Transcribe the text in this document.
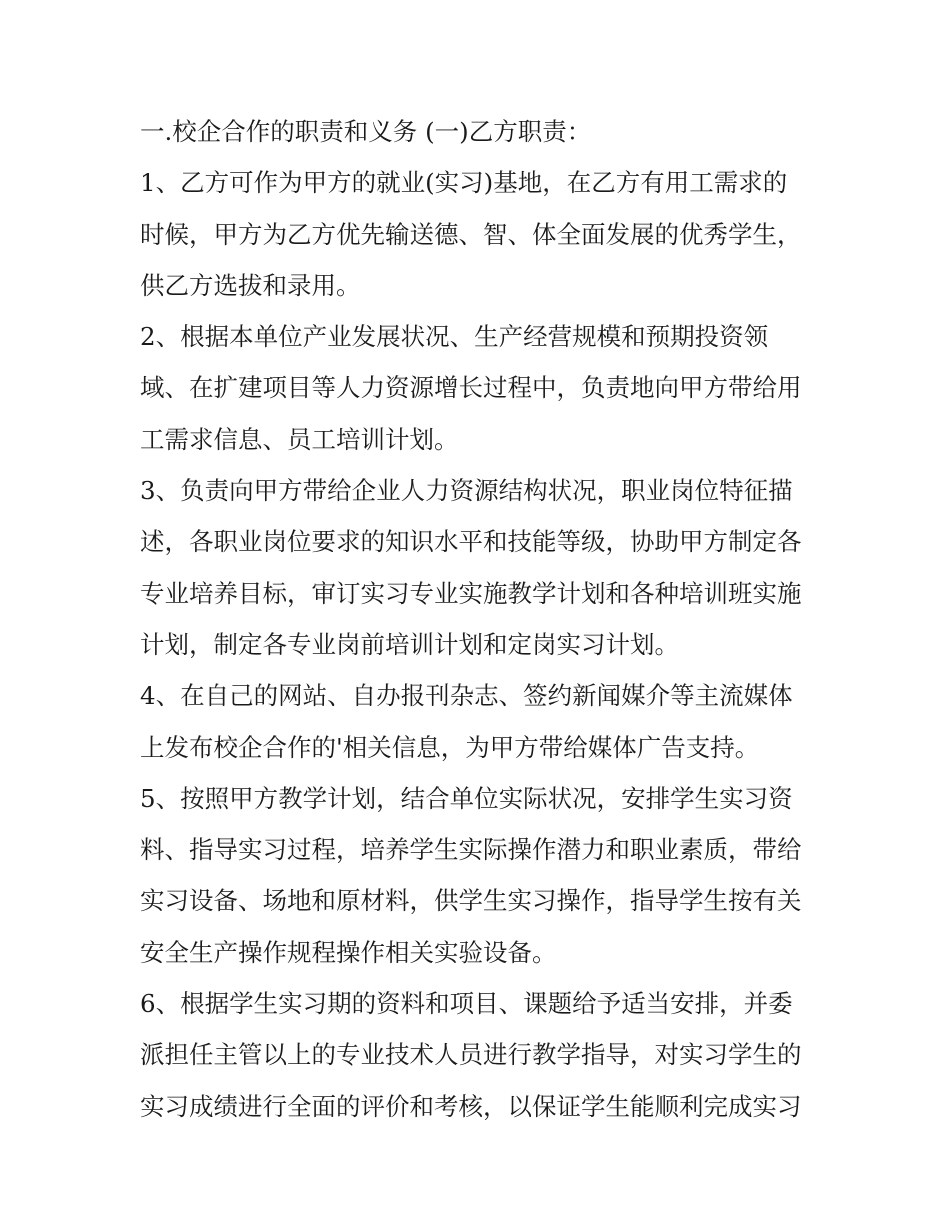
一.校企合作的职责和义务 (一)乙方职责：
1、乙方可作为甲方的就业(实习)基地，在乙方有用工需求的
时候，甲方为乙方优先输送德、智、体全面发展的优秀学生，
供乙方选拔和录用。
2、根据本单位产业发展状况、生产经营规模和预期投资领
域、在扩建项目等人力资源增长过程中，负责地向甲方带给用
工需求信息、员工培训计划。
3、负责向甲方带给企业人力资源结构状况，职业岗位特征描
述，各职业岗位要求的知识水平和技能等级，协助甲方制定各
专业培养目标，审订实习专业实施教学计划和各种培训班实施
计划，制定各专业岗前培训计划和定岗实习计划。
4、在自己的网站、自办报刊杂志、签约新闻媒介等主流媒体
上发布校企合作的'相关信息，为甲方带给媒体广告支持。
5、按照甲方教学计划，结合单位实际状况，安排学生实习资
料、指导实习过程，培养学生实际操作潜力和职业素质，带给
实习设备、场地和原材料，供学生实习操作，指导学生按有关
安全生产操作规程操作相关实验设备。
6、根据学生实习期的资料和项目、课题给予适当安排，并委
派担任主管以上的专业技术人员进行教学指导，对实习学生的
实习成绩进行全面的评价和考核，以保证学生能顺利完成实习
